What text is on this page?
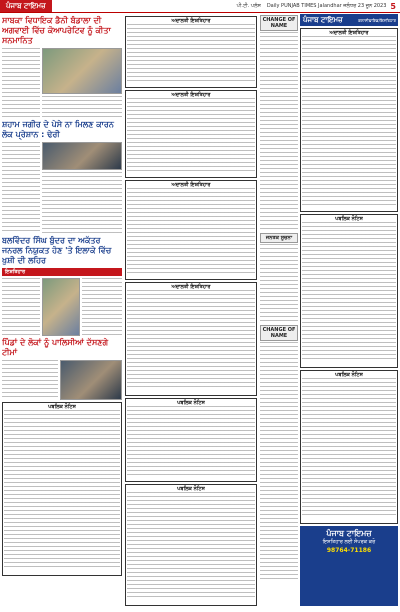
ਪੰਜਾਬ ਟਾਇਮਜ਼	ਪੀ.ਟੀ. ਪਲੱਸ Daily PUNJAB TIMES Jalandhar ਜਲੰਧਰ 23 ਜੂਨ 2023 5
ਸਾਬਕਾ ਵਿਧਾਇਕ ਡੈਨੀ ਬੰਡਾਲਾ ਦੀ ਅਗਵਾਈ ਵਿੱਚ ਕੋਆਪਰੇਟਿਵ ਨੂੰ ਕੀਤਾ ਸਨਮਾਨਿਤ
ਸ਼ਹਾਮ ਜਗੀਰ ਦੇ ਪੇਸੇ ਨਾ ਮਿਲਣ ਕਾਰਨ ਲੋਕ ਪ੍ਰੇਸ਼ਾਨ : ਢੇਰੀ
ਬਲਵਿੰਦਰ ਸਿੰਘ ਬੁੰਦਰ ਦਾ ਅਕੱਤਰ ਜਨਰਲ ਨਿਯੁਕਤ ਹੋਣ 'ਤੇ ਇਲਾਕੇ ਵਿੱਚ ਖੁਸ਼ੀ ਦੀ ਲਹਿਰ
ਇਸ਼ਤਿਹਾਰ
ਪਿੰਡਾਂ ਦੇ ਲੋਕਾਂ ਨੂੰ ਪਾਲਿਸੀਆਂ ਦੱਸਣਗੇ ਟੀਮਾਂ
ਪਬਲਿਕ ਨੋਟਿਸ
ਅਦਾਲਤੀ ਇਸ਼ਤਿਹਾਰ
ਅਦਾਲਤੀ ਇਸ਼ਤਿਹਾਰ
ਅਦਾਲਤੀ ਇਸ਼ਤਿਹਾਰ
ਅਦਾਲਤੀ ਇਸ਼ਤਿਹਾਰ
ਪਬਲਿਕ ਨੋਟਿਸ
ਪਬਲਿਕ ਨੋਟਿਸ
CHANGE OF NAME
ਜਨਤਕ ਸੂਚਨਾ
CHANGE OF NAME
ਪੰਜਾਬ ਟਾਇਮਜ਼	ਕਲਾਸੀਫਾਇਡ/ਇਸ਼ਤਿਹਾਰ
ਅਦਾਲਤੀ ਇਸ਼ਤਿਹਾਰ
ਪਬਲਿਕ ਨੋਟਿਸ
ਪਬਲਿਕ ਨੋਟਿਸ
ਪੰਜਾਬ ਟਾਇਮਜ਼
ਇਸ਼ਤਿਹਾਰ ਲਈ ਸੰਪਰਕ ਕਰੋ
98764-71186
